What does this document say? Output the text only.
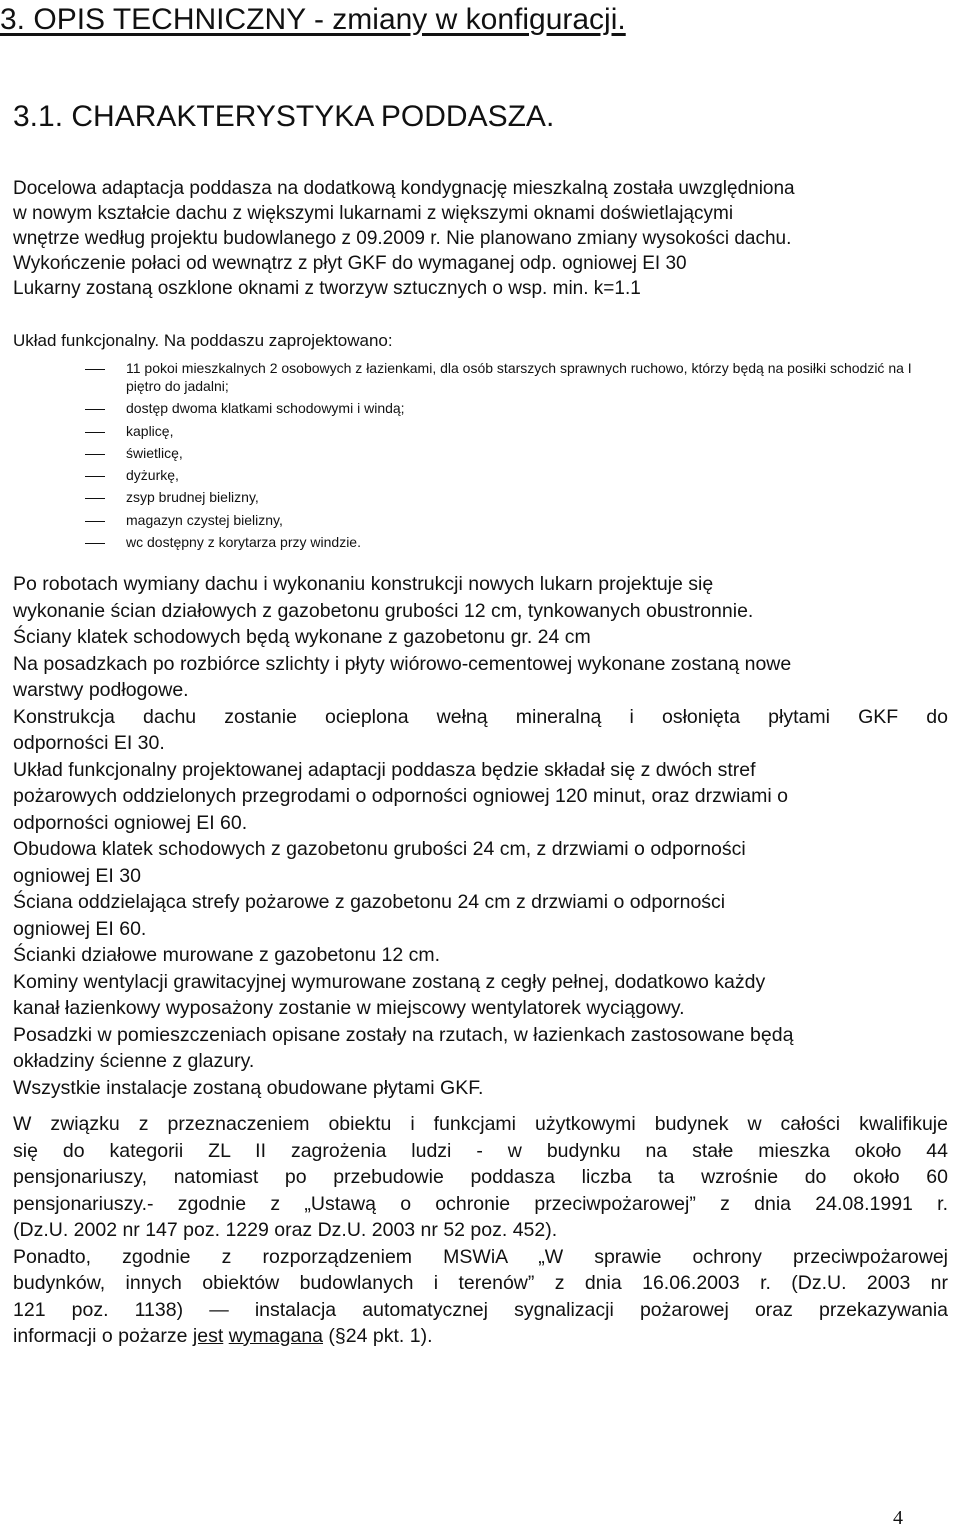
3. OPIS TECHNICZNY - zmiany w konfiguracji.
3.1. CHARAKTERYSTYKA PODDASZA.
Docelowa adaptacja poddasza na dodatkową kondygnację mieszkalną została uwzględniona
w nowym kształcie dachu z większymi lukarnami z większymi oknami doświetlającymi
wnętrze według projektu budowlanego z 09.2009 r. Nie planowano zmiany wysokości dachu.
Wykończenie połaci od wewnątrz z płyt GKF do wymaganej odp. ogniowej EI 30
Lukarny zostaną oszklone oknami z tworzyw sztucznych o wsp. min. k=1.1
Układ funkcjonalny. Na poddaszu zaprojektowano:
11 pokoi mieszkalnych 2 osobowych z łazienkami, dla osób starszych sprawnych ruchowo, którzy będą na posiłki schodzić na I piętro do jadalni;
dostęp dwoma klatkami schodowymi i windą;
kaplicę,
świetlicę,
dyżurkę,
zsyp brudnej bielizny,
magazyn czystej bielizny,
wc dostępny z korytarza przy windzie.
Po robotach wymiany dachu i wykonaniu konstrukcji nowych lukarn projektuje się
wykonanie ścian działowych z gazobetonu grubości 12 cm, tynkowanych obustronnie.
Ściany klatek schodowych będą wykonane z gazobetonu gr. 24 cm
Na posadzkach po rozbiórce szlichty i płyty wiórowo-cementowej wykonane zostaną nowe
warstwy podłogowe.
Konstrukcja dachu zostanie ocieplona wełną mineralną i osłonięta płytami GKF do
odporności EI 30.
Układ funkcjonalny projektowanej adaptacji poddasza będzie składał się z dwóch stref
pożarowych oddzielonych przegrodami o odporności ogniowej 120 minut, oraz drzwiami o
odporności ogniowej EI 60.
Obudowa klatek schodowych z gazobetonu grubości 24 cm, z drzwiami o odporności
ogniowej EI 30
Ściana oddzielająca strefy pożarowe z gazobetonu 24 cm z drzwiami o odporności
ogniowej EI 60.
Ścianki działowe murowane z gazobetonu 12 cm.
Kominy wentylacji grawitacyjnej wymurowane zostaną z cegły pełnej, dodatkowo każdy
kanał łazienkowy wyposażony zostanie w miejscowy wentylatorek wyciągowy.
Posadzki w pomieszczeniach opisane zostały na rzutach, w łazienkach zastosowane będą
okładziny ścienne z glazury.
Wszystkie instalacje zostaną obudowane płytami GKF.
W związku z przeznaczeniem obiektu i funkcjami użytkowymi budynek w całości kwalifikuje
się do kategorii ZL II zagrożenia ludzi - w budynku na stałe mieszka około 44
pensjonariuszy, natomiast po przebudowie poddasza liczba ta wzrośnie do około 60
pensjonariuszy.- zgodnie z „Ustawą o ochronie przeciwpożarowej” z dnia 24.08.1991 r.
(Dz.U. 2002 nr 147 poz. 1229 oraz Dz.U. 2003 nr 52 poz. 452).
Ponadto, zgodnie z rozporządzeniem MSWiA „W sprawie ochrony przeciwpożarowej
budynków, innych obiektów budowlanych i terenów” z dnia 16.06.2003 r. (Dz.U. 2003 nr
121 poz. 1138) — instalacja automatycznej sygnalizacji pożarowej oraz przekazywania
informacji o pożarze jest wymagana (§24 pkt. 1).
4
